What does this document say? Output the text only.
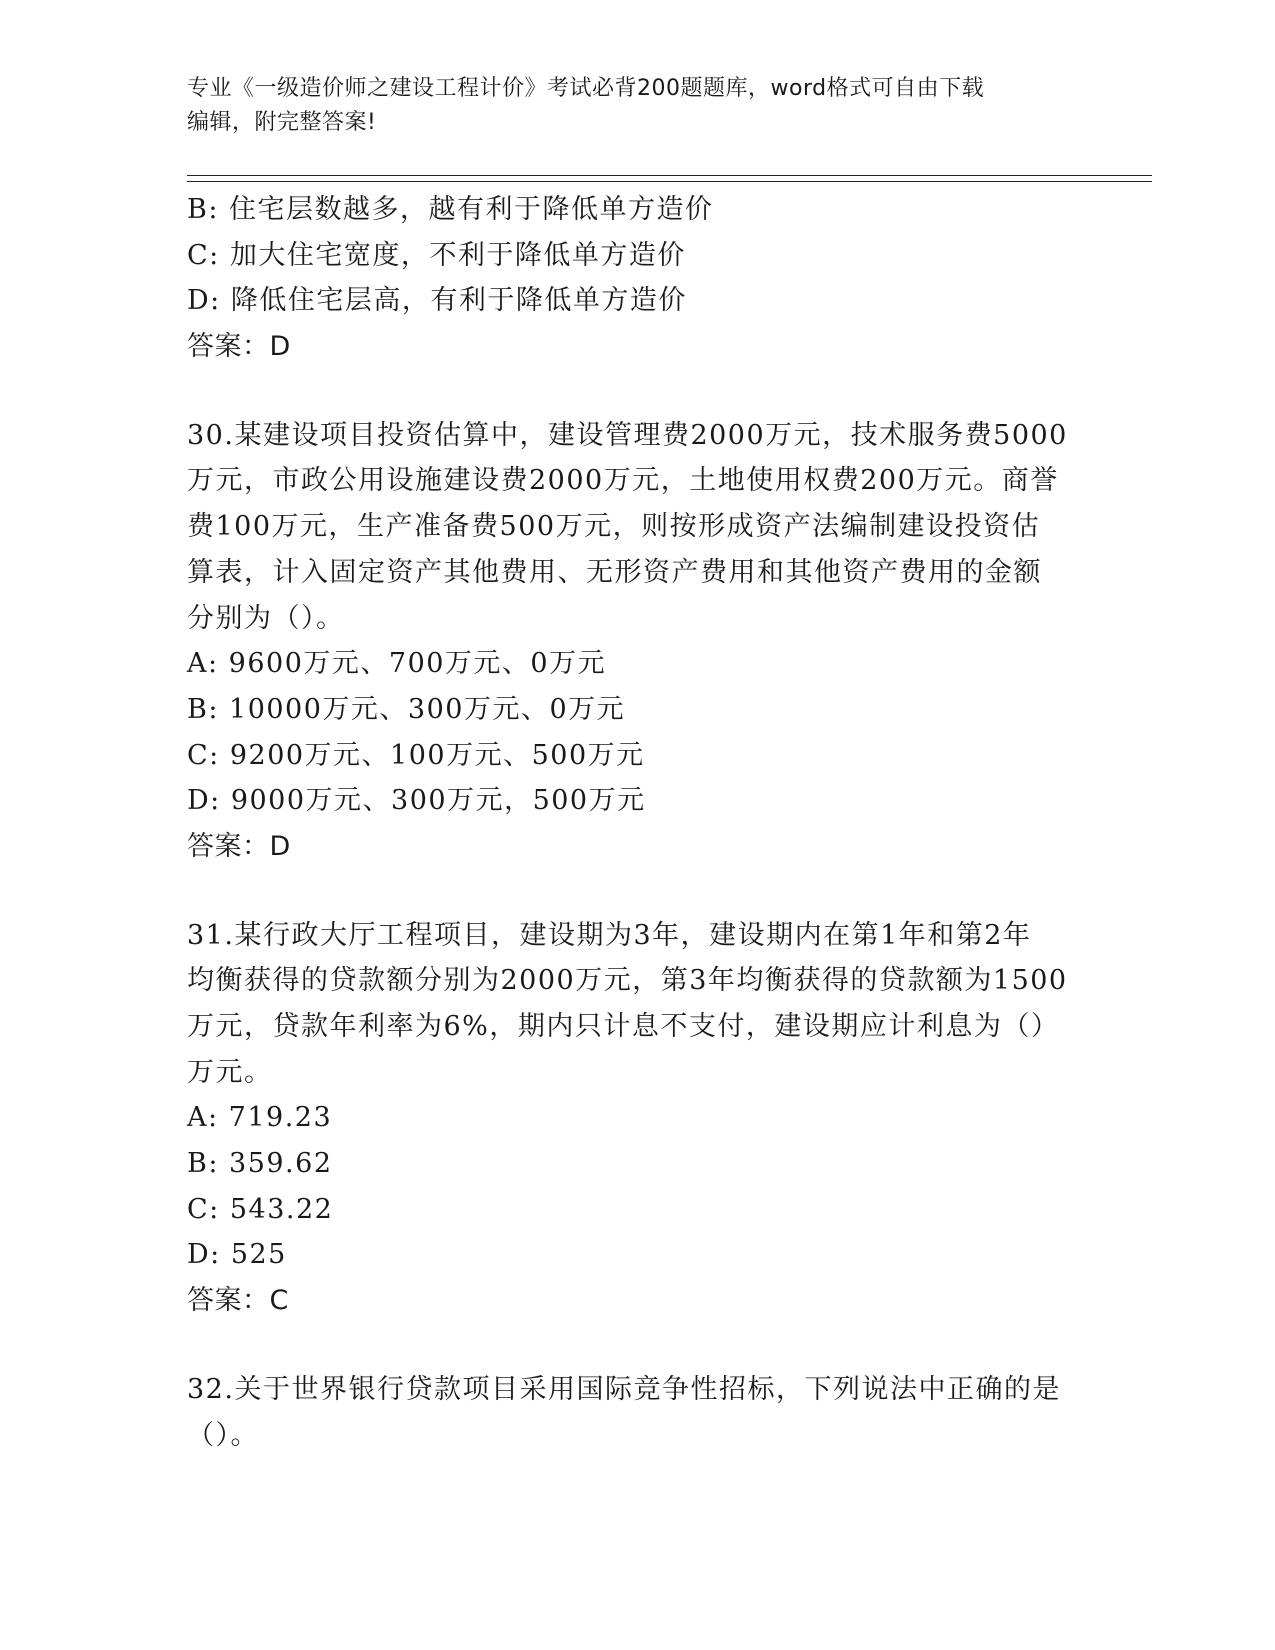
专业《一级造价师之建设工程计价》考试必背200题题库，word格式可自由下载
编辑，附完整答案!
B: 住宅层数越多，越有利于降低单方造价
C: 加大住宅宽度，不利于降低单方造价
D: 降低住宅层高，有利于降低单方造价
答案：D
30.某建设项目投资估算中，建设管理费2000万元，技术服务费5000
万元，市政公用设施建设费2000万元，土地使用权费200万元。商誉
费100万元，生产准备费500万元，则按形成资产法编制建设投资估
算表，计入固定资产其他费用、无形资产费用和其他资产费用的金额
分别为（）。
A: 9600万元、700万元、0万元
B: 10000万元、300万元、0万元
C: 9200万元、100万元、500万元
D: 9000万元、300万元，500万元
答案：D
31.某行政大厅工程项目，建设期为3年，建设期内在第1年和第2年
均衡获得的贷款额分别为2000万元，第3年均衡获得的贷款额为1500
万元，贷款年利率为6%，期内只计息不支付，建设期应计利息为（）
万元。
A: 719.23
B: 359.62
C: 543.22
D: 525
答案：C
32.关于世界银行贷款项目采用国际竞争性招标，下列说法中正确的是
（）。
